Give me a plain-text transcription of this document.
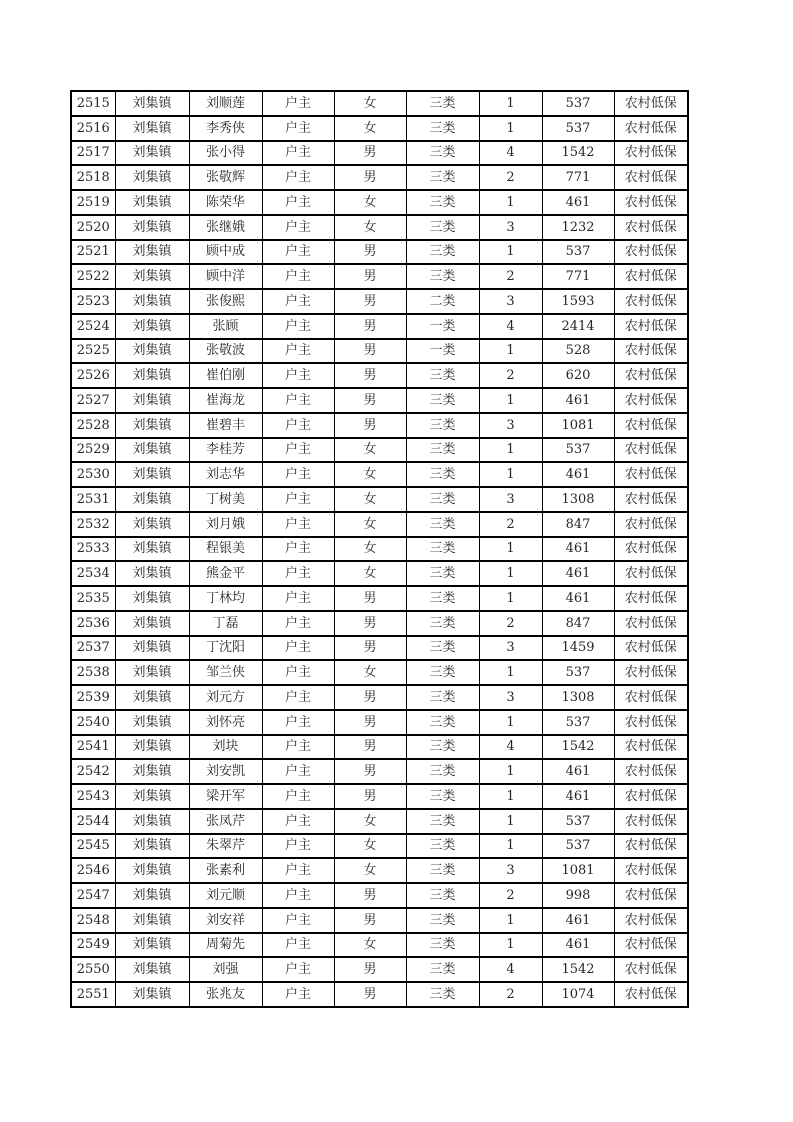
2515	刘集镇	刘顺莲	户主	女	三类	1	537	农村低保
2516	刘集镇	李秀侠	户主	女	三类	1	537	农村低保
2517	刘集镇	张小得	户主	男	三类	4	1542	农村低保
2518	刘集镇	张敬辉	户主	男	三类	2	771	农村低保
2519	刘集镇	陈荣华	户主	女	三类	1	461	农村低保
2520	刘集镇	张继娥	户主	女	三类	3	1232	农村低保
2521	刘集镇	顾中成	户主	男	三类	1	537	农村低保
2522	刘集镇	顾中洋	户主	男	三类	2	771	农村低保
2523	刘集镇	张俊熙	户主	男	二类	3	1593	农村低保
2524	刘集镇	张顾	户主	男	一类	4	2414	农村低保
2525	刘集镇	张敬波	户主	男	一类	1	528	农村低保
2526	刘集镇	崔伯刚	户主	男	三类	2	620	农村低保
2527	刘集镇	崔海龙	户主	男	三类	1	461	农村低保
2528	刘集镇	崔碧丰	户主	男	三类	3	1081	农村低保
2529	刘集镇	李桂芳	户主	女	三类	1	537	农村低保
2530	刘集镇	刘志华	户主	女	三类	1	461	农村低保
2531	刘集镇	丁树美	户主	女	三类	3	1308	农村低保
2532	刘集镇	刘月娥	户主	女	三类	2	847	农村低保
2533	刘集镇	程银美	户主	女	三类	1	461	农村低保
2534	刘集镇	熊金平	户主	女	三类	1	461	农村低保
2535	刘集镇	丁林均	户主	男	三类	1	461	农村低保
2536	刘集镇	丁磊	户主	男	三类	2	847	农村低保
2537	刘集镇	丁沈阳	户主	男	三类	3	1459	农村低保
2538	刘集镇	邹兰侠	户主	女	三类	1	537	农村低保
2539	刘集镇	刘元方	户主	男	三类	3	1308	农村低保
2540	刘集镇	刘怀亮	户主	男	三类	1	537	农村低保
2541	刘集镇	刘块	户主	男	三类	4	1542	农村低保
2542	刘集镇	刘安凯	户主	男	三类	1	461	农村低保
2543	刘集镇	梁开军	户主	男	三类	1	461	农村低保
2544	刘集镇	张凤芹	户主	女	三类	1	537	农村低保
2545	刘集镇	朱翠芹	户主	女	三类	1	537	农村低保
2546	刘集镇	张素利	户主	女	三类	3	1081	农村低保
2547	刘集镇	刘元顺	户主	男	三类	2	998	农村低保
2548	刘集镇	刘安祥	户主	男	三类	1	461	农村低保
2549	刘集镇	周菊先	户主	女	三类	1	461	农村低保
2550	刘集镇	刘强	户主	男	三类	4	1542	农村低保
2551	刘集镇	张兆友	户主	男	三类	2	1074	农村低保
